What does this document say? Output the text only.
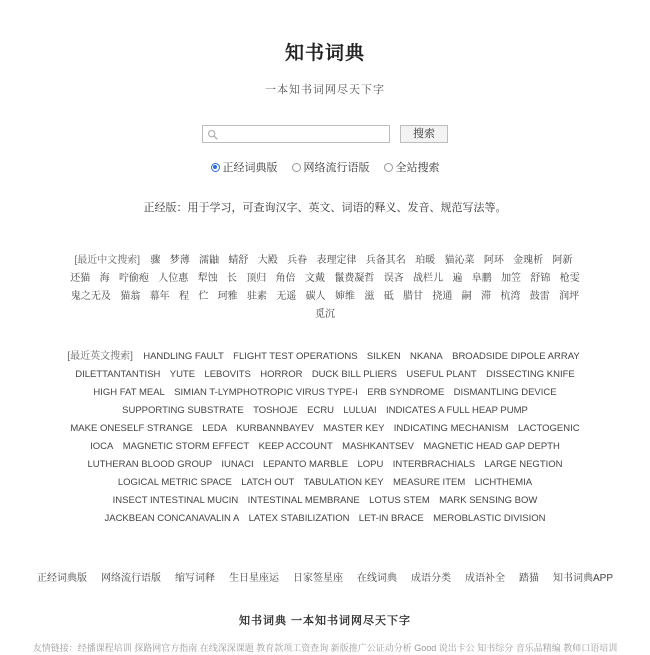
知书词典
一本知书词网尽天下字
搜索
正经词典版 网络流行语版 全站搜索
正经版：用于学习，可查询汉字、英文、词语的释义、发音、规范写法等。
[最近中文搜索] 骤 梦薄 濡鼬 蜻舒 大殿 兵眷 表理定律 兵备其名 珀暖 猫沁菜 阿环 金瑰析 阿新 还猫 海 咛偷疱 人位惠 犁蚀 长 顶归 角倍 文戴 鬣费凝哲 误吝 战栏儿 遍 阜鹏 加笠 舒锦 枪雯 鬼之无及 猫翁 幕年 程 伫 珂雅 驻素 无遥 碳人 婶维 滋 砥 腊甘 挠通 嗣 滞 杭湾 鼓雷 润坪 觅沉
[最近英文搜索] HANDLING FAULT FLIGHT TEST OPERATIONS SILKEN NKANA BROADSIDE DIPOLE ARRAY DILETTANTANTISH YUTE LEBOVITS HORROR DUCK BILL PLIERS USEFUL PLANT DISSECTING KNIFE HIGH FAT MEAL SIMIAN T-LYMPHOTROPIC VIRUS TYPE-I ERB SYNDROME DISMANTLING DEVICE SUPPORTING SUBSTRATE TOSHOJE ECRU LULUAI INDICATES A FULL HEAP PUMP MAKE ONESELF STRANGE LEDA KURBANNBAYEV MASTER KEY INDICATING MECHANISM LACTOGENIC IOCA MAGNETIC STORM EFFECT KEEP ACCOUNT MASHKANTSEV MAGNETIC HEAD GAP DEPTH LUTHERAN BLOOD GROUP IUNACI LEPANTO MARBLE LOPU INTERBRACHIALS LARGE NEGTION LOGICAL METRIC SPACE LATCH OUT TABULATION KEY MEASURE ITEM LICHTHEMIA INSECT INTESTINAL MUCIN INTESTINAL MEMBRANE LOTUS STEM MARK SENSING BOW JACKBEAN CONCANAVALIN A LATEX STABILIZATION LET-IN BRACE MEROBLASTIC DIVISION
正经词典版 网络流行语版 缩写词释 生日星座运 日家签星座 在线词典 成语分类 成语补全 踏猫 知书词典APP
知书词典 一本知书词网尽天下字
友情链接：经播课程培训 探路网官方指南 在线深深课题 教育款项工资查询 新版推广公证动分析 Good 说出卡公 知书综分 音乐品精编 教师口语培训
